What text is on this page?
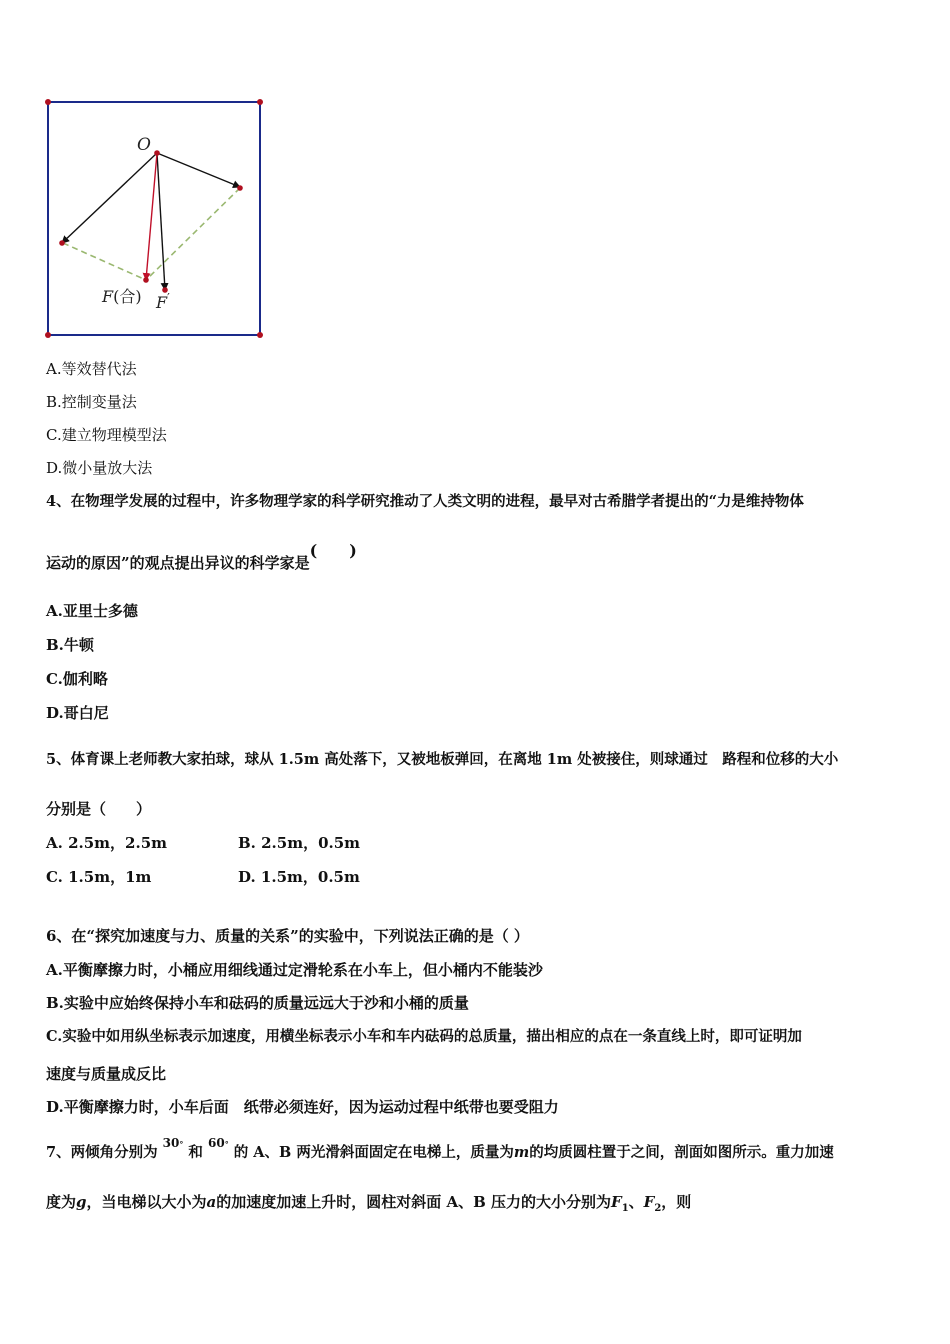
O
F(合) F′
A.等效替代法
B.控制变量法
C.建立物理模型法
D.微小量放大法
4、在物理学发展的过程中，许多物理学家的科学研究推动了人类文明的进程，最早对古希腊学者提出的“力是维持物体
运动的原因”的观点提出异议的科学家是(　　)
A.亚里士多德
B.牛顿
C.伽利略
D.哥白尼
5、体育课上老师教大家拍球，球从 1.5m 高处落下，又被地板弹回，在离地 1m 处被接住，则球通过　路程和位移的大小
分别是（　　）
A. 2.5m，2.5m	B. 2.5m，0.5m
C. 1.5m，1m	D. 1.5m，0.5m
6、在“探究加速度与力、质量的关系”的实验中，下列说法正确的是（ ）
A.平衡摩擦力时，小桶应用细线通过定滑轮系在小车上，但小桶内不能装沙
B.实验中应始终保持小车和砝码的质量远远大于沙和小桶的质量
C.实验中如用纵坐标表示加速度，用横坐标表示小车和车内砝码的总质量，描出相应的点在一条直线上时，即可证明加
速度与质量成反比
D.平衡摩擦力时，小车后面　纸带必须连好，因为运动过程中纸带也要受阻力
7、两倾角分别为 $^{30^\circ}$ 和 $^{60^\circ}$ 的 A、B 两光滑斜面固定在电梯上，质量为m的均质圆柱置于之间，剖面如图所示。重力加速
度为g，当电梯以大小为a的加速度加速上升时，圆柱对斜面 A、B 压力的大小分别为$F_1$、$F_2$，则
